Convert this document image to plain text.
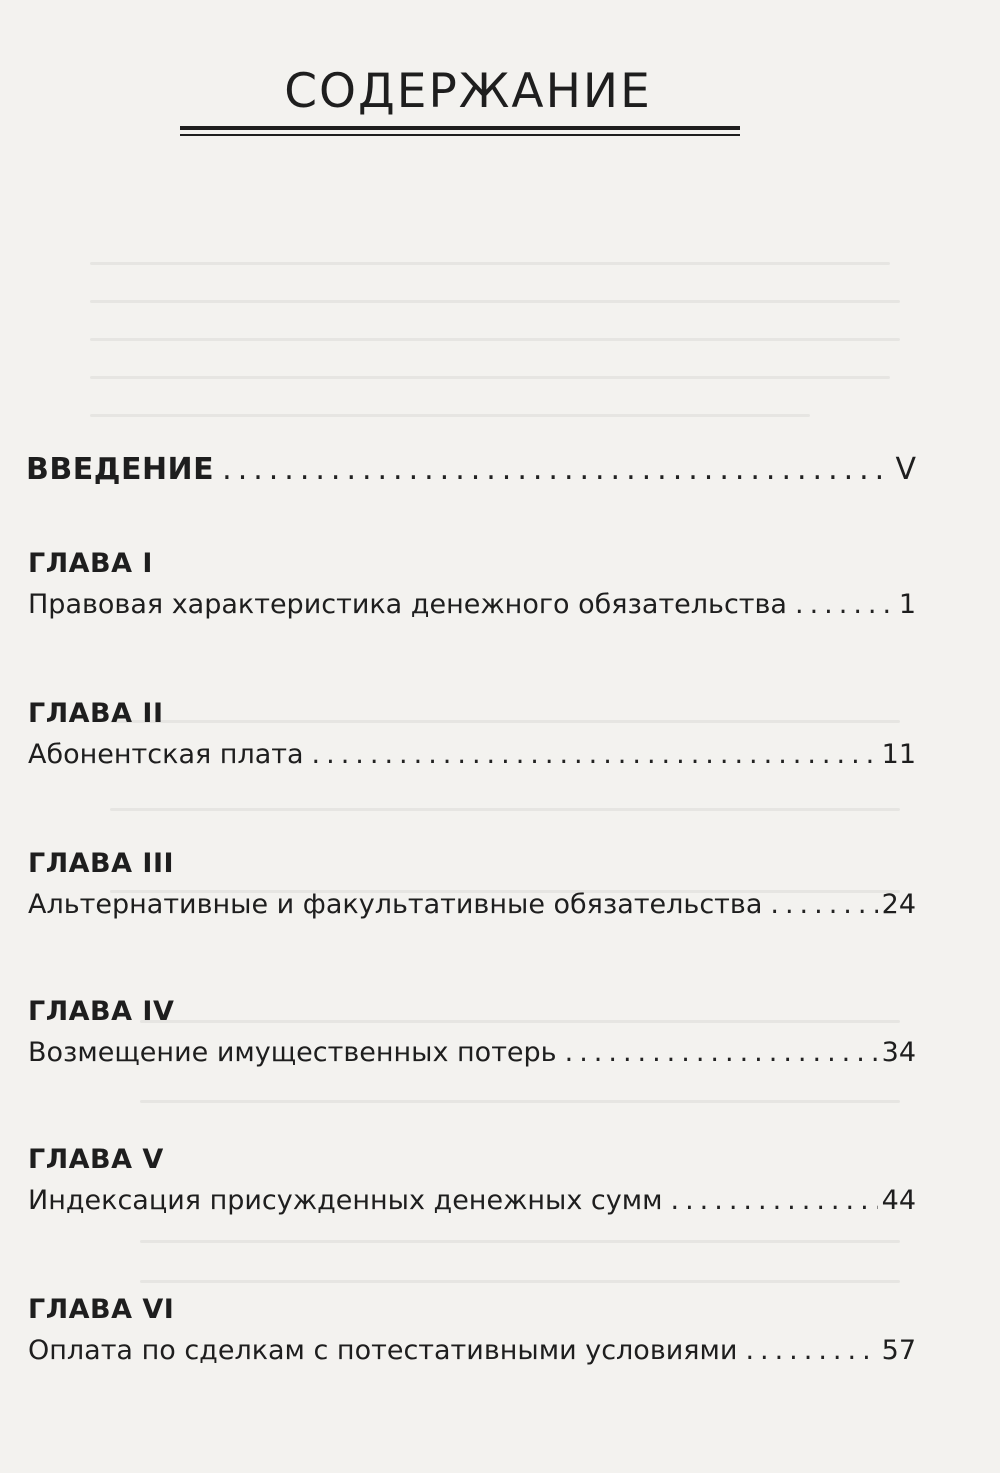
СОДЕРЖАНИЕ
ВВЕДЕНИЕ .....	V
ГЛАВА I
Правовая характеристика денежного обязательства .....	1
ГЛАВА II
Абонентская плата .....	11
ГЛАВА III
Альтернативные и факультативные обязательства .....	24
ГЛАВА IV
Возмещение имущественных потерь .....	34
ГЛАВА V
Индексация присужденных денежных сумм .....	44
ГЛАВА VI
Оплата по сделкам с потестативными условиями .....	57
